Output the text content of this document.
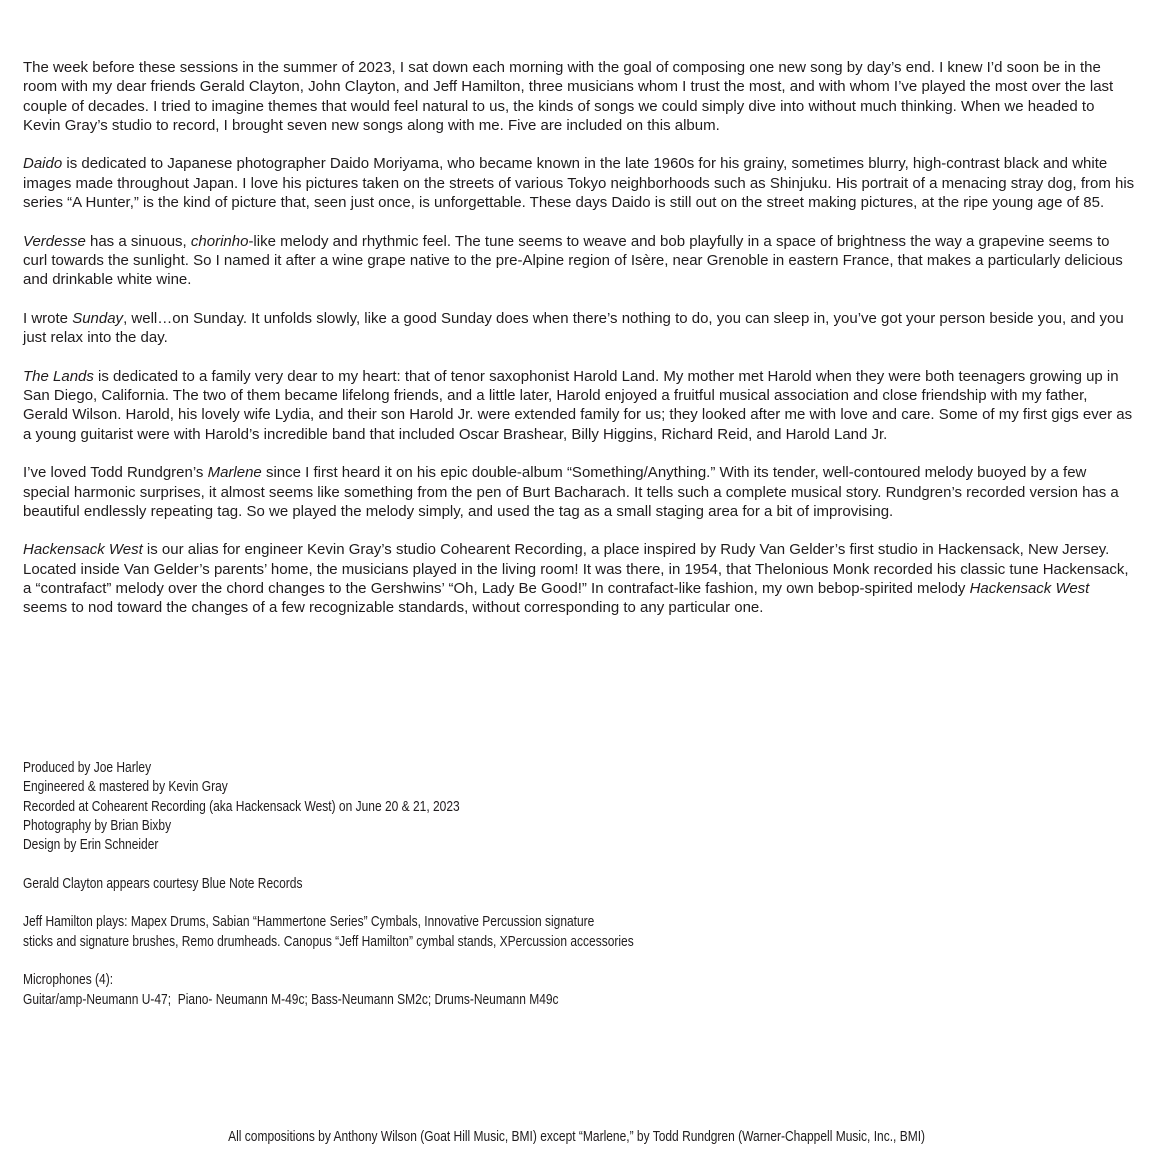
The week before these sessions in the summer of 2023, I sat down each morning with the goal of composing one new song by day’s end. I knew I’d soon be in the room with my dear friends Gerald Clayton, John Clayton, and Jeff Hamilton, three musicians whom I trust the most, and with whom I’ve played the most over the last couple of decades. I tried to imagine themes that would feel natural to us, the kinds of songs we could simply dive into without much thinking. When we headed to Kevin Gray’s studio to record, I brought seven new songs along with me. Five are included on this album.

Daido is dedicated to Japanese photographer Daido Moriyama, who became known in the late 1960s for his grainy, sometimes blurry, high-contrast black and white images made throughout Japan. I love his pictures taken on the streets of various Tokyo neighborhoods such as Shinjuku. His portrait of a menacing stray dog, from his series “A Hunter,” is the kind of picture that, seen just once, is unforgettable. These days Daido is still out on the street making pictures, at the ripe young age of 85.

Verdesse has a sinuous, chorinho-like melody and rhythmic feel. The tune seems to weave and bob playfully in a space of brightness the way a grapevine seems to curl towards the sunlight. So I named it after a wine grape native to the pre-Alpine region of Isère, near Grenoble in eastern France, that makes a particularly delicious and drinkable white wine.

I wrote Sunday, well…on Sunday. It unfolds slowly, like a good Sunday does when there’s nothing to do, you can sleep in, you’ve got your person beside you, and you just relax into the day.

The Lands is dedicated to a family very dear to my heart: that of tenor saxophonist Harold Land. My mother met Harold when they were both teenagers growing up in San Diego, California. The two of them became lifelong friends, and a little later, Harold enjoyed a fruitful musical association and close friendship with my father, Gerald Wilson. Harold, his lovely wife Lydia, and their son Harold Jr. were extended family for us; they looked after me with love and care. Some of my first gigs ever as a young guitarist were with Harold’s incredible band that included Oscar Brashear, Billy Higgins, Richard Reid, and Harold Land Jr.

I’ve loved Todd Rundgren’s Marlene since I first heard it on his epic double-album “Something/Anything.” With its tender, well-contoured melody buoyed by a few special harmonic surprises, it almost seems like something from the pen of Burt Bacharach. It tells such a complete musical story. Rundgren’s recorded version has a beautiful endlessly repeating tag. So we played the melody simply, and used the tag as a small staging area for a bit of improvising.

Hackensack West is our alias for engineer Kevin Gray’s studio Cohearent Recording, a place inspired by Rudy Van Gelder’s first studio in Hackensack, New Jersey.  Located inside Van Gelder’s parents’ home, the musicians played in the living room! It was there, in 1954, that Thelonious Monk recorded his classic tune Hackensack, a “contrafact” melody over the chord changes to the Gershwins’ “Oh, Lady Be Good!” In contrafact-like fashion, my own bebop-spirited melody Hackensack West seems to nod toward the changes of a few recognizable standards, without corresponding to any particular one.

Produced by Joe Harley
Engineered & mastered by Kevin Gray
Recorded at Cohearent Recording (aka Hackensack West) on June 20 & 21, 2023
Photography by Brian Bixby
Design by Erin Schneider
Gerald Clayton appears courtesy Blue Note Records
Jeff Hamilton plays: Mapex Drums, Sabian “Hammertone Series” Cymbals, Innovative Percussion signature
sticks and signature brushes, Remo drumheads. Canopus “Jeff Hamilton” cymbal stands, XPercussion accessories
Microphones (4):
Guitar/amp-Neumann U-47;  Piano- Neumann M-49c; Bass-Neumann SM2c; Drums-Neumann M49c
All compositions by Anthony Wilson (Goat Hill Music, BMI) except “Marlene,” by Todd Rundgren (Warner-Chappell Music, Inc., BMI)
